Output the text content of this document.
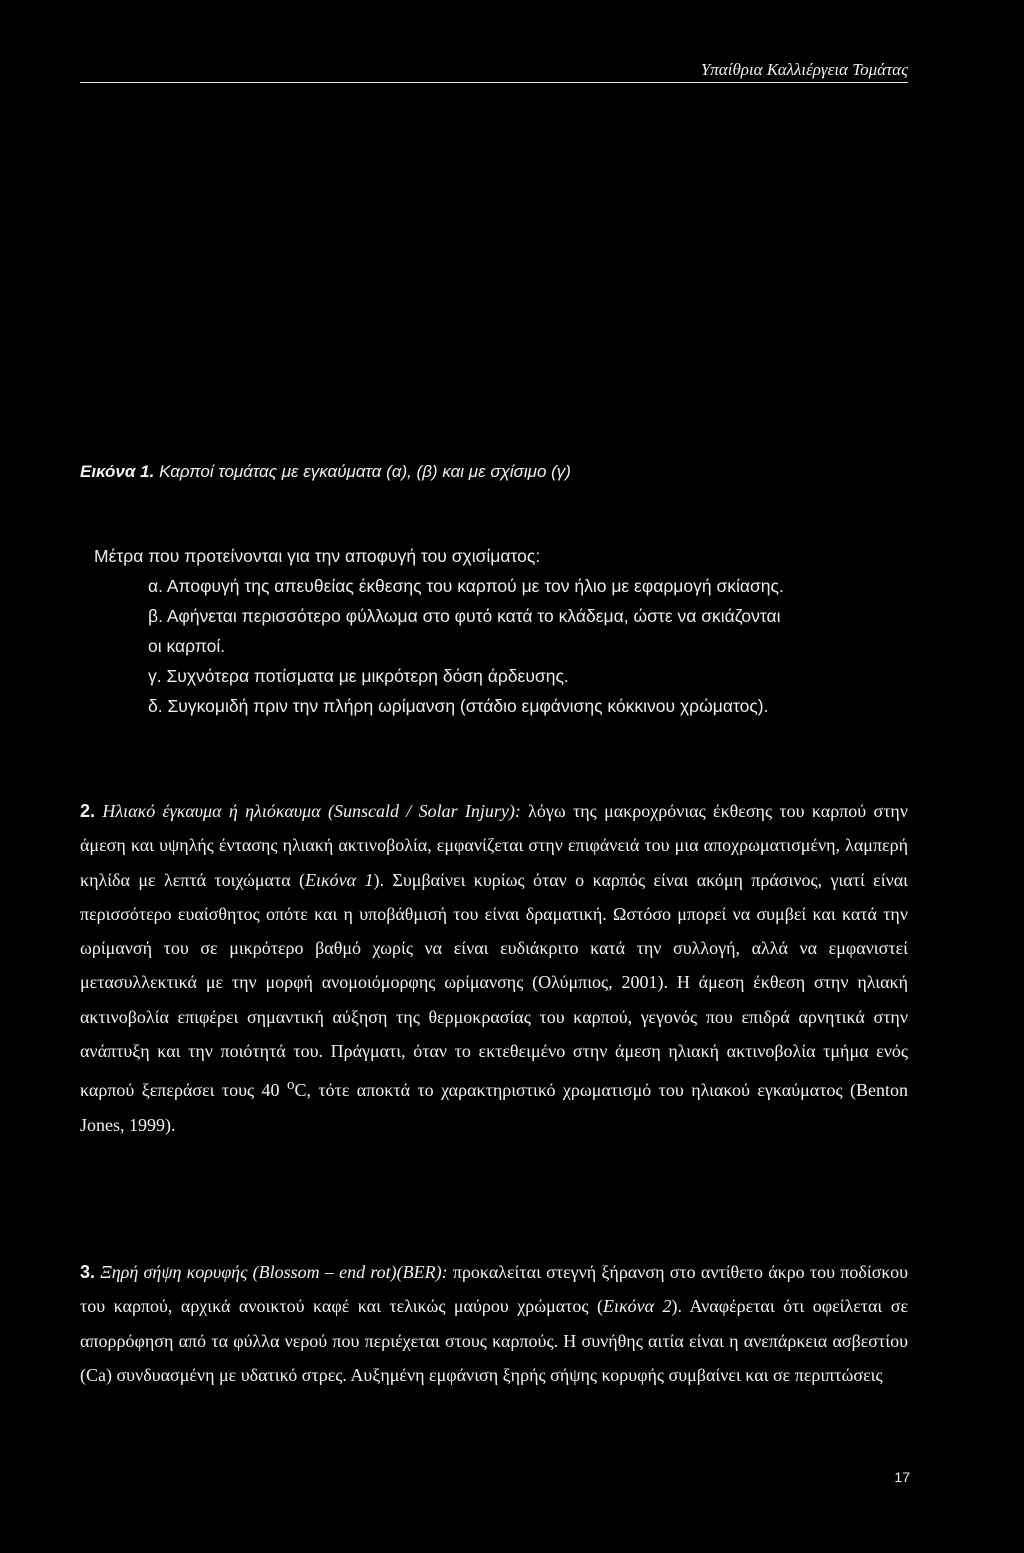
Υπαίθρια Καλλιέργεια Τομάτας
Εικόνα 1. Καρποί τομάτας με εγκαύματα (α), (β) και με σχίσιμο (γ)

Μέτρα που προτείνονται για την αποφυγή του σχισίματος:

α. Αποφυγή της απευθείας έκθεσης του καρπού με τον ήλιο με εφαρμογή σκίασης.

β. Αφήνεται περισσότερο φύλλωμα στο φυτό κατά το κλάδεμα, ώστε να σκιάζονται

οι καρποί.

γ. Συχνότερα ποτίσματα με μικρότερη δόση άρδευσης.

δ. Συγκομιδή πριν την πλήρη ωρίμανση (στάδιο εμφάνισης κόκκινου χρώματος).

2. Ηλιακό έγκαυμα ή ηλιόκαυμα (Sunscald / Solar Injury): λόγω της μακροχρόνιας έκθεσης του καρπού στην άμεση και υψηλής έντασης ηλιακή ακτινοβολία, εμφανίζεται στην επιφάνειά του μια αποχρωματισμένη, λαμπερή κηλίδα με λεπτά τοιχώματα (Εικόνα 1). Συμβαίνει κυρίως όταν ο καρπός είναι ακόμη πράσινος, γιατί είναι περισσότερο ευαίσθητος οπότε και η υποβάθμισή του είναι δραματική. Ωστόσο μπορεί να συμβεί και κατά την ωρίμανσή του σε μικρότερο βαθμό χωρίς να είναι ευδιάκριτο κατά την συλλογή, αλλά να εμφανιστεί μετασυλλεκτικά με την μορφή ανομοιόμορφης ωρίμανσης (Ολύμπιος, 2001). Η άμεση έκθεση στην ηλιακή ακτινοβολία επιφέρει σημαντική αύξηση της θερμοκρασίας του καρπού, γεγονός που επιδρά αρνητικά στην ανάπτυξη και την ποιότητά του. Πράγματι, όταν το εκτεθειμένο στην άμεση ηλιακή ακτινοβολία τμήμα ενός καρπού ξεπεράσει τους 40 $^o$C, τότε αποκτά το χαρακτηριστικό χρωματισμό του ηλιακού εγκαύματος (Benton Jones, 1999).

3. Ξηρή σήψη κορυφής (Blossom – end rot)(BER): προκαλείται στεγνή ξήρανση στο αντίθετο άκρο του ποδίσκου του καρπού, αρχικά ανοικτού καφέ και τελικώς μαύρου χρώματος (Εικόνα 2). Αναφέρεται ότι οφείλεται σε απορρόφηση από τα φύλλα νερού που περιέχεται στους καρπούς. Η συνήθης αιτία είναι η ανεπάρκεια ασβεστίου (Ca) συνδυασμένη με υδατικό στρες. Αυξημένη εμφάνιση ξηρής σήψης κορυφής συμβαίνει και σε περιπτώσεις

17
